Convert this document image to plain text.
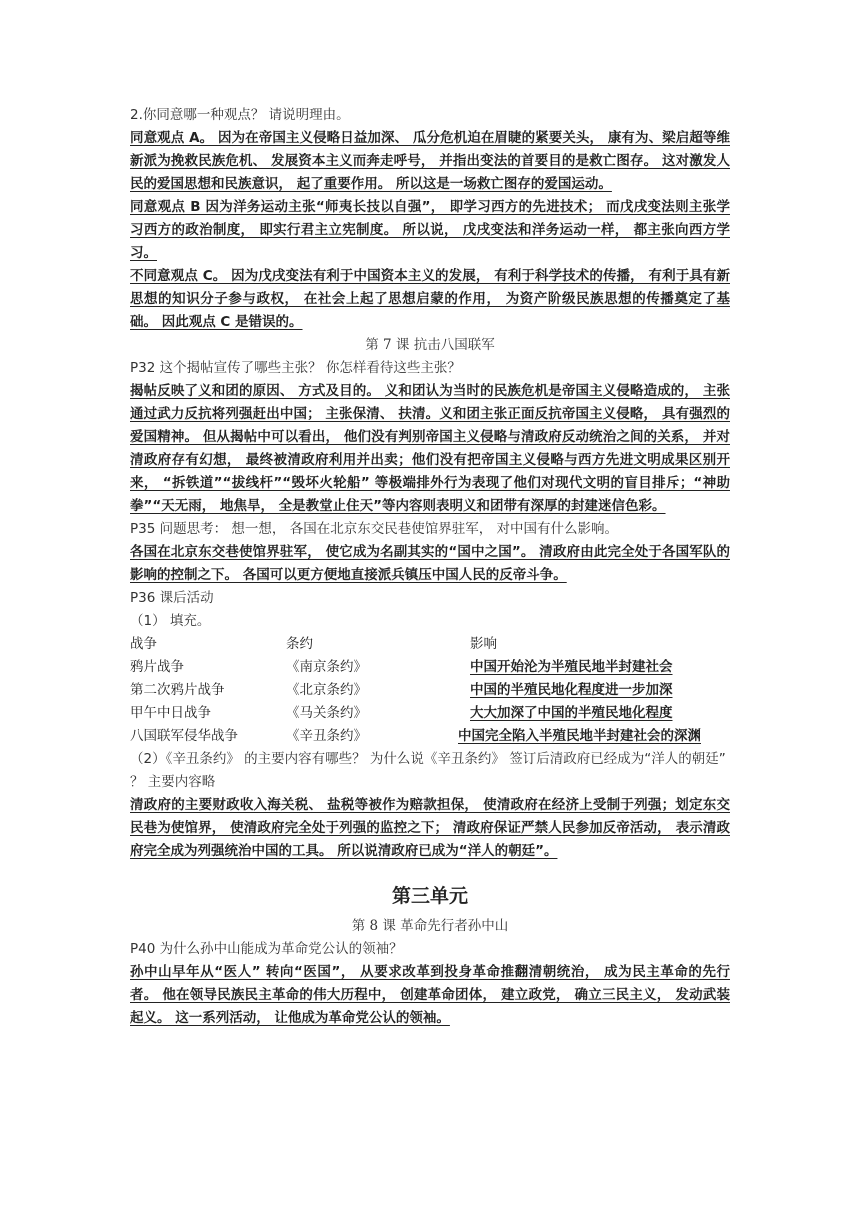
2.你同意哪一种观点？ 请说明理由。

同意观点 A。 因为在帝国主义侵略日益加深、 瓜分危机迫在眉睫的紧要关头， 康有为、梁启超等维新派为挽救民族危机、 发展资本主义而奔走呼号， 并指出变法的首要目的是救亡图存。 这对激发人民的爱国思想和民族意识， 起了重要作用。 所以这是一场救亡图存的爱国运动。

同意观点 B 因为洋务运动主张“师夷长技以自强”， 即学习西方的先进技术； 而戊戌变法则主张学习西方的政治制度， 即实行君主立宪制度。 所以说， 戊戌变法和洋务运动一样， 都主张向西方学习。

不同意观点 C。 因为戊戌变法有利于中国资本主义的发展， 有利于科学技术的传播， 有利于具有新思想的知识分子参与政权， 在社会上起了思想启蒙的作用， 为资产阶级民族思想的传播奠定了基础。 因此观点 C 是错误的。

第 7 课 抗击八国联军

P32 这个揭帖宣传了哪些主张？ 你怎样看待这些主张？

揭帖反映了义和团的原因、 方式及目的。 义和团认为当时的民族危机是帝国主义侵略造成的， 主张通过武力反抗将列强赶出中国； 主张保清、 扶清。义和团主张正面反抗帝国主义侵略， 具有强烈的爱国精神。 但从揭帖中可以看出， 他们没有判别帝国主义侵略与清政府反动统治之间的关系， 并对清政府存有幻想， 最终被清政府利用并出卖；他们没有把帝国主义侵略与西方先进文明成果区别开来， “拆铁道”“拔线杆”“毁坏火轮船” 等极端排外行为表现了他们对现代文明的盲目排斥；“神助拳”“天无雨， 地焦旱， 全是教堂止住天”等内容则表明义和团带有深厚的封建迷信色彩。

P35 问题思考： 想一想， 各国在北京东交民巷使馆界驻军， 对中国有什么影响。

各国在北京东交巷使馆界驻军， 使它成为名副其实的“国中之国”。 清政府由此完全处于各国军队的影响的控制之下。 各国可以更方便地直接派兵镇压中国人民的反帝斗争。

P36 课后活动

（1） 填充。

战争	条约	影响
鸦片战争	《南京条约》	中国开始沦为半殖民地半封建社会
第二次鸦片战争	《北京条约》	中国的半殖民地化程度进一步加深
甲午中日战争	《马关条约》	大大加深了中国的半殖民地化程度
八国联军侵华战争	《辛丑条约》	中国完全陷入半殖民地半封建社会的深渊

（2）《辛丑条约》 的主要内容有哪些？ 为什么说《辛丑条约》 签订后清政府已经成为“洋人的朝廷” ？ 主要内容略

清政府的主要财政收入海关税、 盐税等被作为赔款担保， 使清政府在经济上受制于列强；划定东交民巷为使馆界， 使清政府完全处于列强的监控之下； 清政府保证严禁人民参加反帝活动， 表示清政府完全成为列强统治中国的工具。 所以说清政府已成为“洋人的朝廷”。

第三单元

第 8 课 革命先行者孙中山

P40 为什么孙中山能成为革命党公认的领袖？

孙中山早年从“医人” 转向“医国”， 从要求改革到投身革命推翻清朝统治， 成为民主革命的先行者。 他在领导民族民主革命的伟大历程中， 创建革命团体， 建立政党， 确立三民主义， 发动武装起义。 这一系列活动， 让他成为革命党公认的领袖。
